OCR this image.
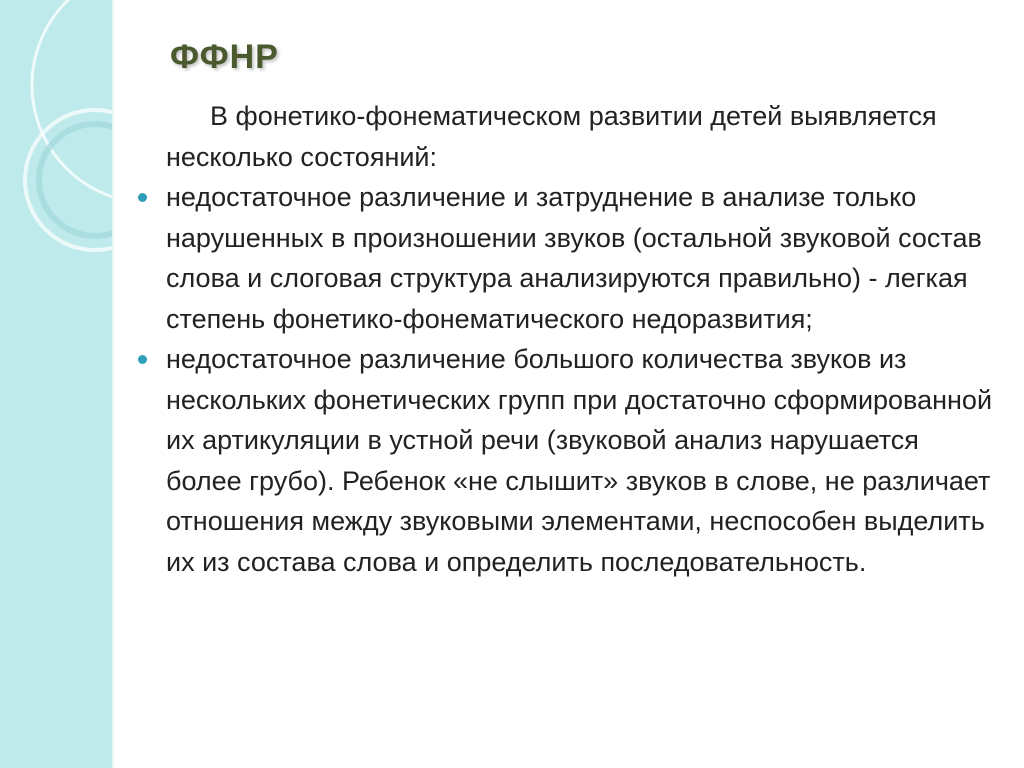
ФФНР

В фонетико-фонематическом развитии детей выявляется несколько состояний:

недостаточное различение и затруднение в анализе только нарушенных в произношении звуков (остальной звуковой состав слова и слоговая структура анализируются правильно) - легкая степень фонетико-фонематического недоразвития;

недостаточное различение большого количества звуков из нескольких фонетических групп при достаточно сформированной их артикуляции в устной речи (звуковой анализ нарушается более грубо). Ребенок «не слышит» звуков в слове, не различает отношения между звуковыми элементами, неспособен выделить их из состава слова и определить последовательность.
